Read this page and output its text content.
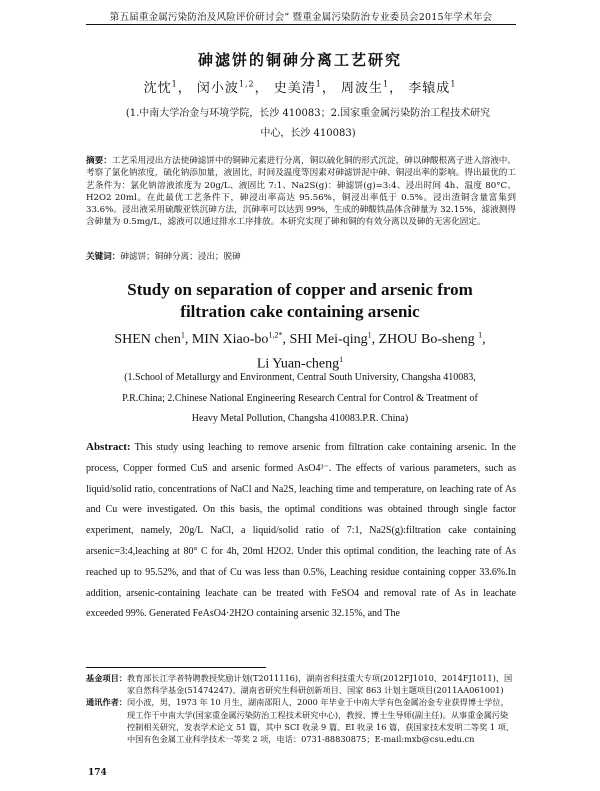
第五届重金属污染防治及风险评价研讨会” 暨重金属污染防治专业委员会2015年学术年会
砷滤饼的铜砷分离工艺研究
沈忱$^1$， 闵小波$^{1,2}$， 史美清$^1$， 周波生$^1$， 李辕成$^1$
(1.中南大学冶金与环境学院，长沙 410083；2.国家重金属污染防治工程技术研究
中心，长沙 410083)
摘要：工艺采用浸出方法使砷滤饼中的铜砷元素进行分离，铜以硫化铜的形式沉淀，砷以砷酸根离子进入溶液中。考察了氯化钠浓度，硫化钠添加量，液固比，时间及温度等因素对砷滤饼泥中砷、铜浸出率的影响。得出最优的工艺条件为：氯化钠溶液浓度为 20g/L、液固比 7:1、Na2S(g)：砷滤饼(g)=3:4、浸出时间 4h、温度 80°C、H2O2 20ml。在此最优工艺条件下，砷浸出率高达 95.56%，铜浸出率低于 0.5%。浸出渣铜含量富集到 33.6%。浸出液采用硫酸亚铁沉砷方法，沉砷率可以达到 99%，生成的砷酸铁晶体含砷量为 32.15%，滤液测得含砷量为 0.5mg/L，滤液可以通过排水工序排放。本研究实现了砷和铜的有效分离以及砷的无害化固定。
关键词：砷滤饼；铜砷分离；浸出；脱砷
Study on separation of copper and arsenic from
filtration cake containing arsenic
SHEN chen$^1$, MIN Xiao-$bo^{1,2*}$, SHI Mei-qing$^1$, ZHOU Bo-sheng $^1$,
Li Yuan-cheng$^1$
(1.School of Metallurgy and Environment, Central South University, Changsha 410083,
P.R.China; 2.Chinese National Engineering Research Central for Control & Treatment of
Heavy Metal Pollution, Changsha 410083.P.R. China)
Abstract: This study using leaching to remove arsenic from filtration cake containing arsenic. In the process, Copper formed CuS and arsenic formed AsO4³⁻. The effects of various parameters, such as liquid/solid ratio, concentrations of NaCl and Na2S, leaching time and temperature, on leaching rate of As and Cu were investigated. On this basis, the optimal conditions was obtained through single factor experiment, namely, 20g/L NaCl, a liquid/solid ratio of 7:1, Na2S(g):filtration cake containing arsenic=3:4,leaching at 80° C for 4h, 20ml H2O2. Under this optimal condition, the leaching rate of As reached up to 95.52%, and that of Cu was less than 0.5%, Leaching residue containing copper 33.6%.In addition, arsenic-containing leachate can be treated with FeSO4 and removal rate of As in leachate exceeded 99%. Generated FeAsO4·2H2O containing arsenic 32.15%, and The
基金项目： 教育部长江学者特聘教授奖励计划(T2011116)，湖南省科技重大专项(2012FJ1010、2014FJ1011)、国家自然科学基金(51474247)、湖南省研究生科研创新项目、国家 863 计划主题项目(2011AA061001)
通讯作者： 闵小波，男，1973 年 10 月生，湖南邵阳人，2000 年毕业于中南大学有色金属冶金专业获得博士学位，现工作于中南大学(国家重金属污染防治工程技术研究中心)，教授、博士生导师(副主任)。从事重金属污染控制相关研究，发表学术论文 51 篇，其中 SCI 收录 9 篇、EI 收录 16 篇，获国家技术发明二等奖 1 项、中国有色金属工业科学技术一等奖 2 项，电话：0731-88830875；E-mail:mxb@csu.edu.cn
174
